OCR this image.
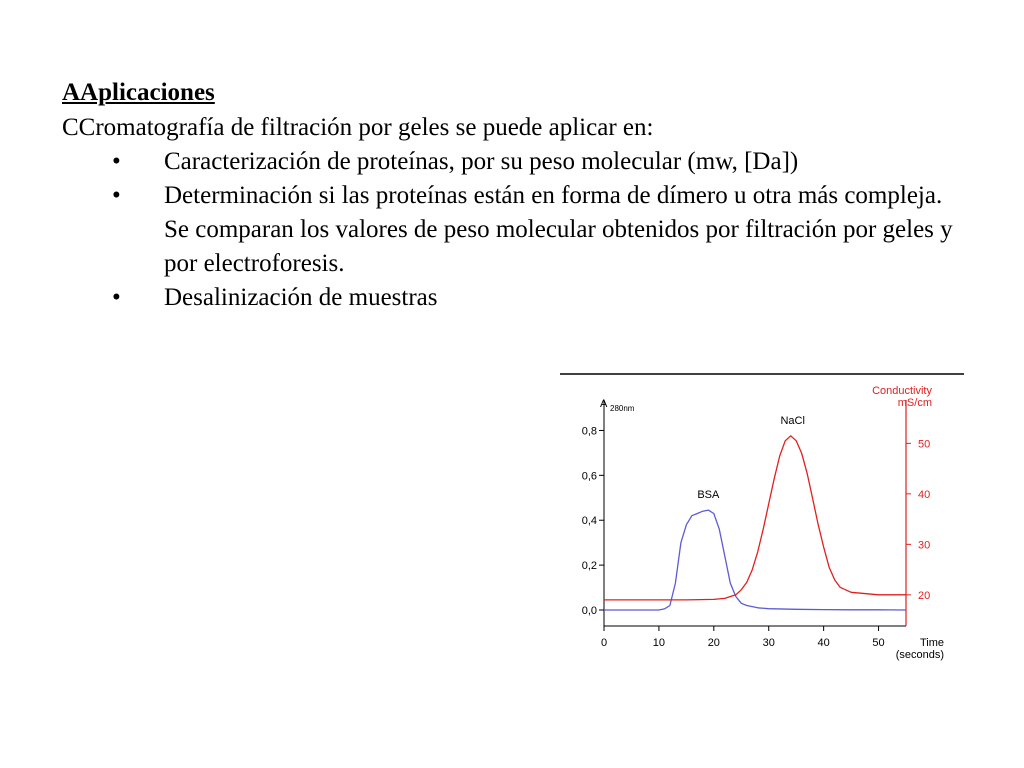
AAplicaciones
CCromatografía de filtración por geles se puede aplicar en:
• Caracterización de proteínas, por su peso molecular (mw, [Da])
• Determinación si las proteínas están en forma de dímero u otra más compleja. Se comparan los valores de peso molecular obtenidos por filtración por geles y por electroforesis.
• Desalinización de muestras
A 280nm
0,0
0,2
0,4
0,6
0,8
Conductivity
mS/cm
20
30
40
50
0	10	20	30	40	50	Time
(seconds)
BSA
NaCl
